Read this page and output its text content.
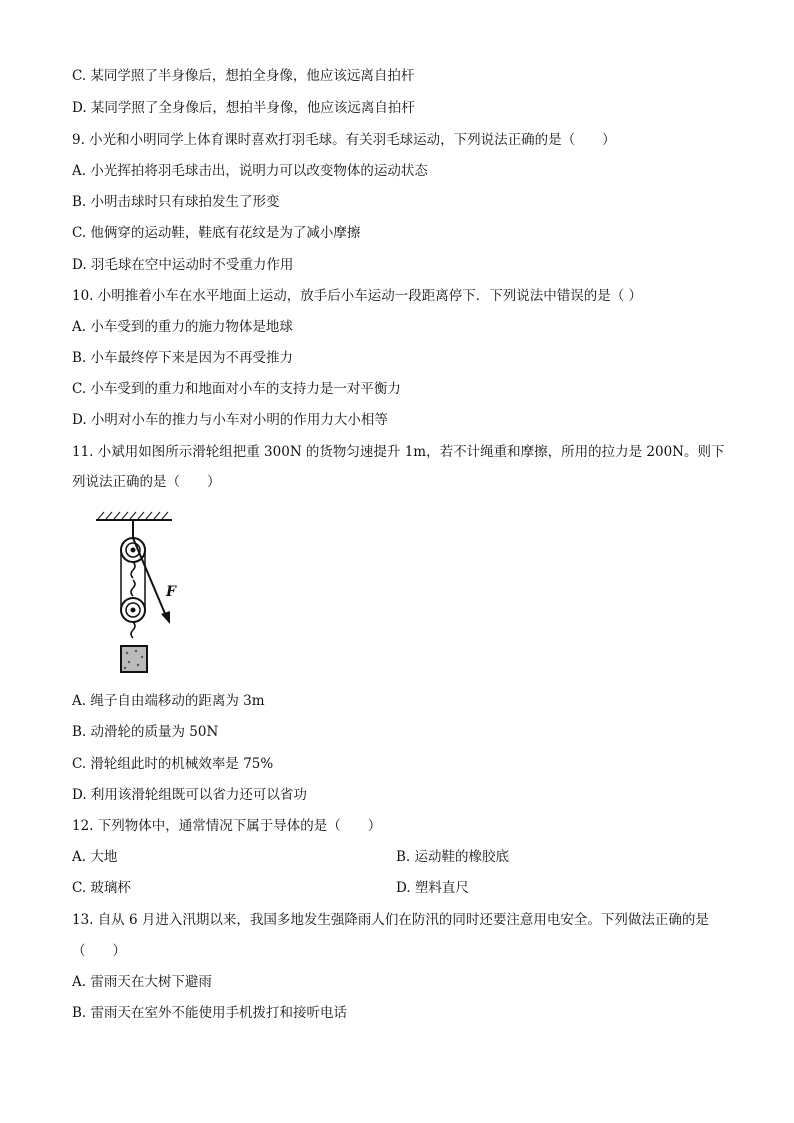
C. 某同学照了半身像后，想拍全身像，他应该远离自拍杆
D. 某同学照了全身像后，想拍半身像，他应该远离自拍杆
9. 小光和小明同学上体育课时喜欢打羽毛球。有关羽毛球运动，下列说法正确的是（　　）
A. 小光挥拍将羽毛球击出，说明力可以改变物体的运动状态
B. 小明击球时只有球拍发生了形变
C. 他俩穿的运动鞋，鞋底有花纹是为了减小摩擦
D. 羽毛球在空中运动时不受重力作用
10. 小明推着小车在水平地面上运动，放手后小车运动一段距离停下．下列说法中错误的是（ ）
A. 小车受到的重力的施力物体是地球
B. 小车最终停下来是因为不再受推力
C. 小车受到的重力和地面对小车的支持力是一对平衡力
D. 小明对小车的推力与小车对小明的作用力大小相等
11. 小斌用如图所示滑轮组把重 300N 的货物匀速提升 1m，若不计绳重和摩擦，所用的拉力是 200N。则下
列说法正确的是（　　）
F
A. 绳子自由端移动的距离为 3m
B. 动滑轮的质量为 50N
C. 滑轮组此时的机械效率是 75%
D. 利用该滑轮组既可以省力还可以省功
12. 下列物体中，通常情况下属于导体的是（　　）
A. 大地	B. 运动鞋的橡胶底
C. 玻璃杯	D. 塑料直尺
13. 自从 6 月进入汛期以来，我国多地发生强降雨人们在防汛的同时还要注意用电安全。下列做法正确的是
（　　）
A. 雷雨天在大树下避雨
B. 雷雨天在室外不能使用手机拨打和接听电话
